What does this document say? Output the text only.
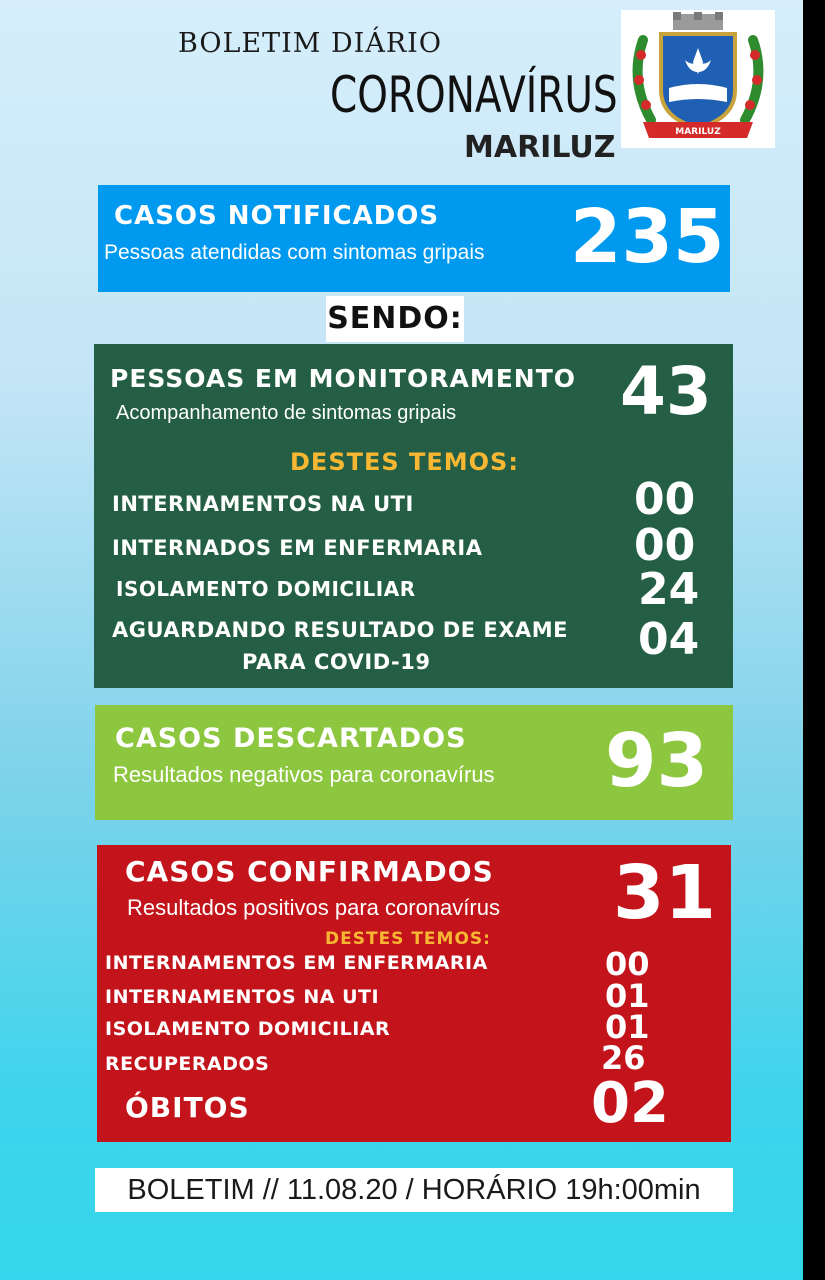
BOLETIM DIÁRIO
CORONAVÍRUS
MARILUZ	MARILUZ
CASOS NOTIFICADOS
Pessoas atendidas com sintomas gripais 235
SENDO:
PESSOAS EM MONITORAMENTO
Acompanhamento de sintomas gripais 43
DESTES TEMOS:
INTERNAMENTOS NA UTI	00
INTERNADOS EM ENFERMARIA	00
ISOLAMENTO DOMICILIAR	24
AGUARDANDO RESULTADO DE EXAME
PARA COVID-19	04
CASOS DESCARTADOS
Resultados negativos para coronavírus 93
CASOS CONFIRMADOS
Resultados positivos para coronavírus 31
DESTES TEMOS:
INTERNAMENTOS EM ENFERMARIA	00
INTERNAMENTOS NA UTI	01
ISOLAMENTO DOMICILIAR	01
RECUPERADOS	26
ÓBITOS	02
BOLETIM // 11.08.20 / HORÁRIO 19h:00min
